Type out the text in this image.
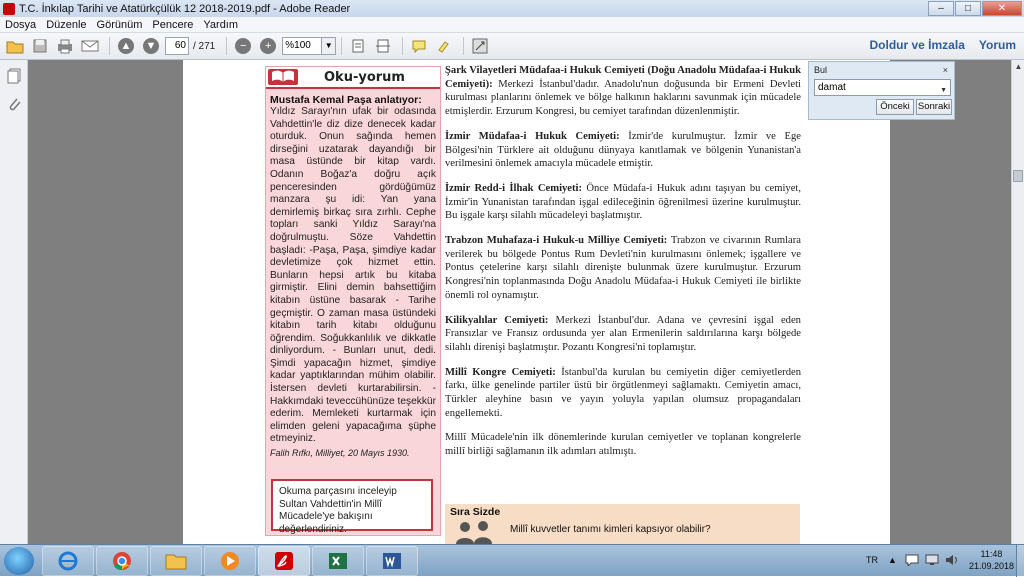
T.C. İnkılap Tarihi ve Atatürkçülük 12 2018-2019.pdf - Adobe Reader	–	□	✕
Dosya Düzenle Görünüm Pencere Yardım
▲ ▼	60 / 271	−	+	%100	▼	Doldur ve İmzala Yorum
Oku-yorum
Mustafa Kemal Paşa anlatıyor:
Yıldız Sarayı'nın ufak bir odasında Vahdettin'le diz dize denecek kadar oturduk. Onun sağında hemen dirseğini uzatarak dayandığı bir masa üstünde bir kitap vardı. Odanın Boğaz'a doğru açık penceresinden gördüğümüz manzara şu idi: Yan yana demirlemiş birkaç sıra zırhlı. Cephe topları sanki Yıldız Sarayı'na doğrulmuştu. Söze Vahdettin başladı: -Paşa, Paşa, şimdiye kadar devletimize çok hizmet ettin. Bunların hepsi artık bu kitaba girmiştir. Elini demin bahsettiğim kitabın üstüne basarak - Tarihe geçmiştir. O zaman masa üstündeki kitabın tarih kitabı olduğunu öğrendim. Soğukkanlılık ve dikkatle dinliyordum. - Bunları unut, dedi. Şimdi yapacağın hizmet, şimdiye kadar yaptıklarından mühim olabilir. İstersen devleti kurtarabilirsin. - Hakkımdaki teveccühünüze teşekkür ederim. Memleketi kurtarmak için elimden geleni yapacağıma şüphe etmeyiniz.
Falih Rıfkı, Milliyet, 20 Mayıs 1930.
Okuma parçasını inceleyip Sultan Vahdettin'in Millî Mücadele'ye bakışını değerlendiriniz.

Şark Vilayetleri Müdafaa-i Hukuk Cemiyeti (Doğu Anadolu Müdafaa-i Hukuk Cemiyeti): Merkezi İstanbul'dadır. Anadolu'nun doğusunda bir Ermeni Devleti kurulması planlarını önlemek ve bölge halkının haklarını savunmak için mücadele etmişlerdir. Erzurum Kongresi, bu cemiyet tarafından düzenlenmiştir.

İzmir Müdafaa-i Hukuk Cemiyeti: İzmir'de kurulmuştur. İzmir ve Ege Bölgesi'nin Türklere ait olduğunu dünyaya kanıtlamak ve bölgenin Yunanistan'a verilmesini önlemek amacıyla mücadele etmiştir.

İzmir Redd-i İlhak Cemiyeti: Önce Müdafa-i Hukuk adını taşıyan bu cemiyet, İzmir'in Yunanistan tarafından işgal edileceğinin öğrenilmesi üzerine kurulmuştur. Bu işgale karşı silahlı mücadeleyi başlatmıştır.

Trabzon Muhafaza-i Hukuk-u Milliye Cemiyeti: Trabzon ve civarının Rumlara verilerek bu bölgede Pontus Rum Devleti'nin kurulmasını önlemek; işgallere ve Pontus çetelerine karşı silahlı direnişte bulunmak üzere kurulmuştur. Erzurum Kongresi'nin toplanmasında Doğu Anadolu Müdafaa-i Hukuk Cemiyeti ile birlikte önemli rol oynamıştır.

Kilikyalılar Cemiyeti: Merkezi İstanbul'dur. Adana ve çevresini işgal eden Fransızlar ve Fransız ordusunda yer alan Ermenilerin saldırılarına karşı bölgede silahlı direnişi başlatmıştır. Pozantı Kongresi'ni toplamıştır.

Millî Kongre Cemiyeti: İstanbul'da kurulan bu cemiyetin diğer cemiyetlerden farkı, ülke genelinde partiler üstü bir örgütlenmeyi sağlamaktı. Cemiyetin amacı, Türkler aleyhine basın ve yayın yoluyla yapılan olumsuz propagandaları engellemekti.

Millî Mücadele'nin ilk dönemlerinde kurulan cemiyetler ve toplanan kongrelerle millî birliği sağlamanın ilk adımları atılmıştı.

Sıra Sizde
Millî kuvvetler tanımı kimleri kapsıyor olabilir?
▲
Bul	×
damat	▼
Önceki Sonraki
TR ▲
11:48
21.09.2018
